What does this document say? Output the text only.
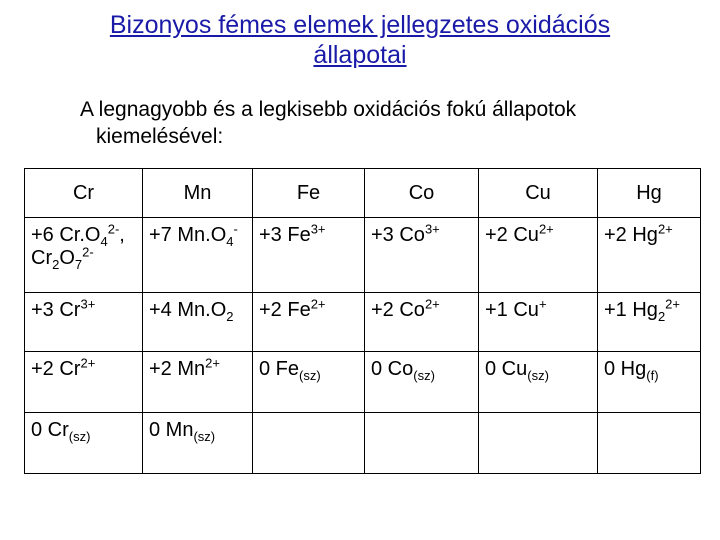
Bizonyos fémes elemek jellegzetes oxidációs
állapotai
A legnagyobb és a legkisebb oxidációs fokú állapotok
kiemelésével:
Cr	Mn	Fe	Co	Cu	Hg
+6 $Cr.O_4^{2-}$,
$Cr_2O_7^{2-}$	+7 $Mn.O_4^-$	+3 $Fe^{3+}$	+3 $Co^{3+}$	+2 $Cu^{2+}$	+2 $Hg^{2+}$
+3 $Cr^{3+}$	+4 $Mn.O_2$	+2 $Fe^{2+}$	+2 $Co^{2+}$	+1 Cu+	+1 $Hg_2^{2+}$
+2 $Cr^{2+}$	+2 $Mn^{2+}$	0 $Fe_{(sz)}$	0 $Co_{(sz)}$	0 $Cu_{(sz)}$	0 $Hg_{(f)}$
0 $Cr_{(sz)}$	0 $Mn_{(sz)}$				
